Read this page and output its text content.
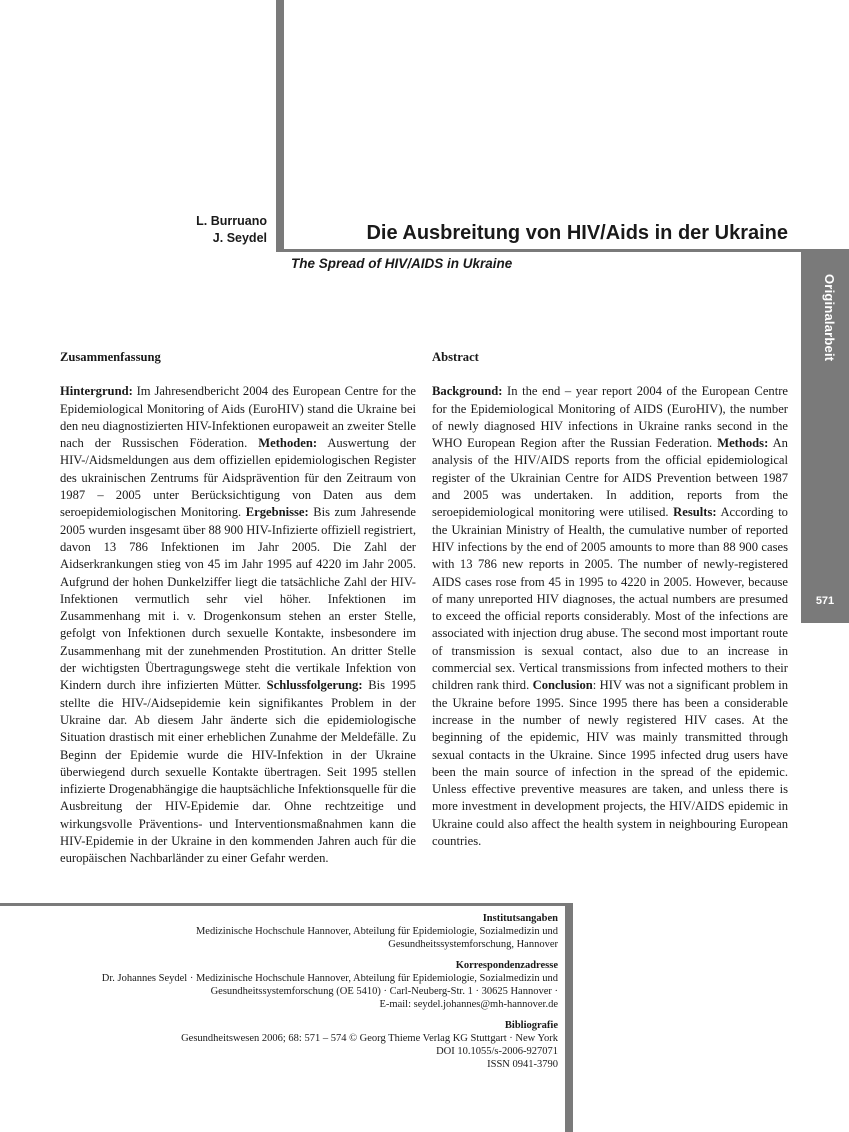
L. Burruano
J. Seydel	Die Ausbreitung von HIV/Aids in der Ukraine
The Spread of HIV/AIDS in Ukraine
Originalarbeit
571
Zusammenfassung

Hintergrund: Im Jahresendbericht 2004 des European Centre for the Epidemiological Monitoring of Aids (EuroHIV) stand die Ukraine bei den neu diagnostizierten HIV-Infektionen europaweit an zweiter Stelle nach der Russischen Föderation. Methoden: Auswertung der HIV-/Aidsmeldungen aus dem offiziellen epidemiologischen Register des ukrainischen Zentrums für Aidsprävention für den Zeitraum von 1987 – 2005 unter Berücksichtigung von Daten aus dem seroepidemiologischen Monitoring. Ergebnisse: Bis zum Jahresende 2005 wurden insgesamt über 88 900 HIV-Infizierte offiziell registriert, davon 13 786 Infektionen im Jahr 2005. Die Zahl der Aidserkrankungen stieg von 45 im Jahr 1995 auf 4220 im Jahr 2005. Aufgrund der hohen Dunkelziffer liegt die tatsächliche Zahl der HIV-Infektionen vermutlich sehr viel höher. Infektionen im Zusammenhang mit i. v. Drogenkonsum stehen an erster Stelle, gefolgt von Infektionen durch sexuelle Kontakte, insbesondere im Zusammenhang mit der zunehmenden Prostitution. An dritter Stelle der wichtigsten Übertragungswege steht die vertikale Infektion von Kindern durch ihre infizierten Mütter. Schlussfolgerung: Bis 1995 stellte die HIV-/Aidsepidemie kein signifikantes Problem in der Ukraine dar. Ab diesem Jahr änderte sich die epidemiologische Situation drastisch mit einer erheblichen Zunahme der Meldefälle. Zu Beginn der Epidemie wurde die HIV-Infektion in der Ukraine überwiegend durch sexuelle Kontakte übertragen. Seit 1995 stellen infizierte Drogenabhängige die hauptsächliche Infektionsquelle für die Ausbreitung der HIV-Epidemie dar. Ohne rechtzeitige und wirkungsvolle Präventions- und Interventionsmaßnahmen kann die HIV-Epidemie in der Ukraine in den kommenden Jahren auch für die europäischen Nachbarländer zu einer Gefahr werden.

Abstract

Background: In the end – year report 2004 of the European Centre for the Epidemiological Monitoring of AIDS (EuroHIV), the number of newly diagnosed HIV infections in Ukraine ranks second in the WHO European Region after the Russian Federation. Methods: An analysis of the HIV/AIDS reports from the official epidemiological register of the Ukrainian Centre for AIDS Prevention between 1987 and 2005 was undertaken. In addition, reports from the seroepidemiological monitoring were utilised. Results: According to the Ukrainian Ministry of Health, the cumulative number of reported HIV infections by the end of 2005 amounts to more than 88 900 cases with 13 786 new reports in 2005. The number of newly-registered AIDS cases rose from 45 in 1995 to 4220 in 2005. However, because of many unreported HIV diagnoses, the actual numbers are presumed to exceed the official reports considerably. Most of the infections are associated with injection drug abuse. The second most important route of transmission is sexual contact, also due to an increase in commercial sex. Vertical transmissions from infected mothers to their children rank third. Conclusion: HIV was not a significant problem in the Ukraine before 1995. Since 1995 there has been a considerable increase in the number of newly registered HIV cases. At the beginning of the epidemic, HIV was mainly transmitted through sexual contacts in the Ukraine. Since 1995 infected drug users have been the main source of infection in the spread of the epidemic. Unless effective preventive measures are taken, and unless there is more investment in development projects, the HIV/AIDS epidemic in Ukraine could also affect the health system in neighbouring European countries.

Institutsangaben
Medizinische Hochschule Hannover, Abteilung für Epidemiologie, Sozialmedizin und
Gesundheitssystemforschung, Hannover
Korrespondenzadresse
Dr. Johannes Seydel · Medizinische Hochschule Hannover, Abteilung für Epidemiologie, Sozialmedizin und
Gesundheitssystemforschung (OE 5410) · Carl-Neuberg-Str. 1 · 30625 Hannover ·
E-mail: seydel.johannes@mh-hannover.de
Bibliografie
Gesundheitswesen 2006; 68: 571 – 574 © Georg Thieme Verlag KG Stuttgart · New York
DOI 10.1055/s-2006-927071
ISSN 0941-3790
